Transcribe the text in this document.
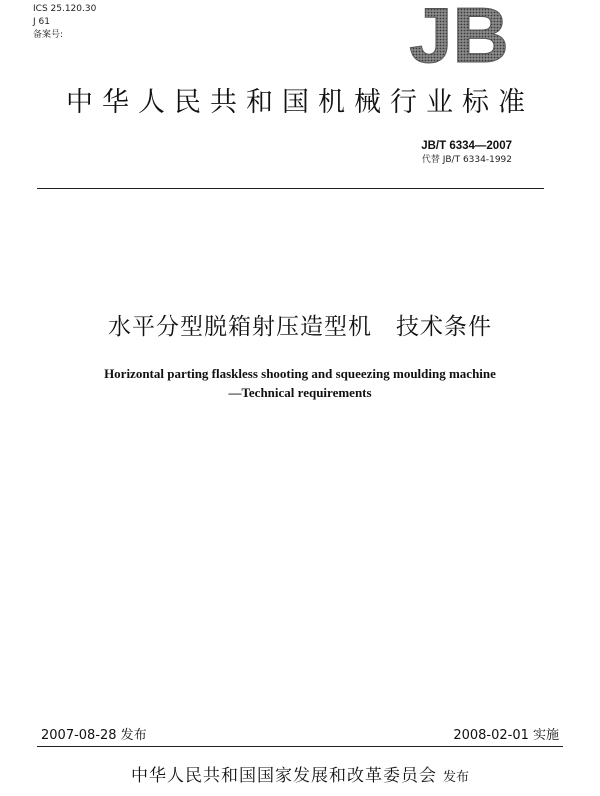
ICS 25.120.30
J 61
备案号:	JB
中华人民共和国机械行业标准
JB/T 6334—2007
代替 JB/T 6334-1992
水平分型脱箱射压造型机　技术条件
Horizontal parting flaskless shooting and squeezing moulding machine
—Technical requirements
2007-08-28 发布	2008-02-01 实施
中华人民共和国国家发展和改革委员会 发布
